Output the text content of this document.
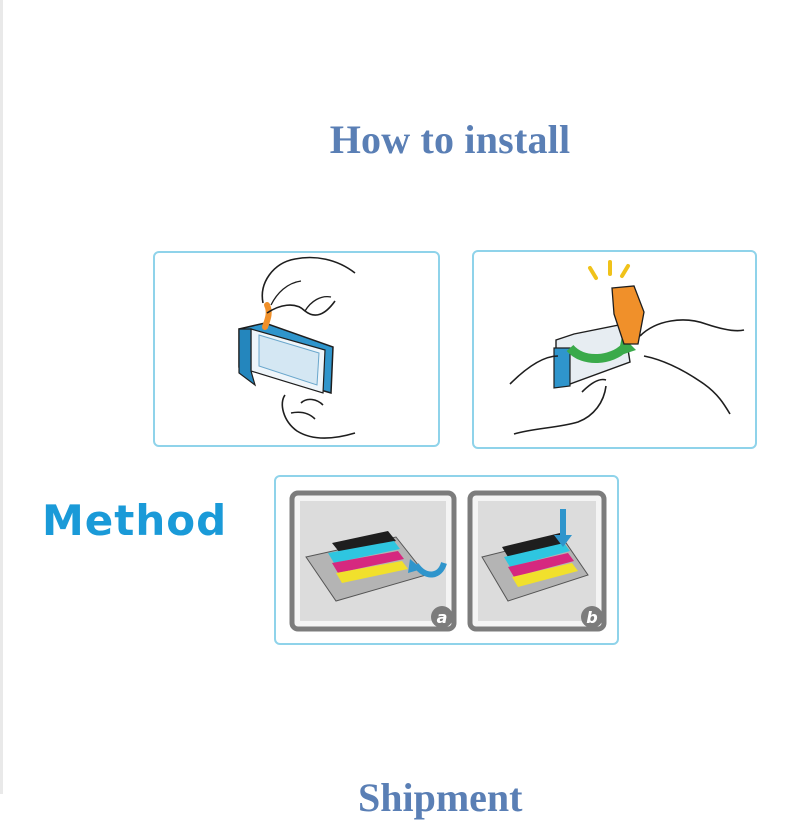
How to install
Method
a	b
Shipment
